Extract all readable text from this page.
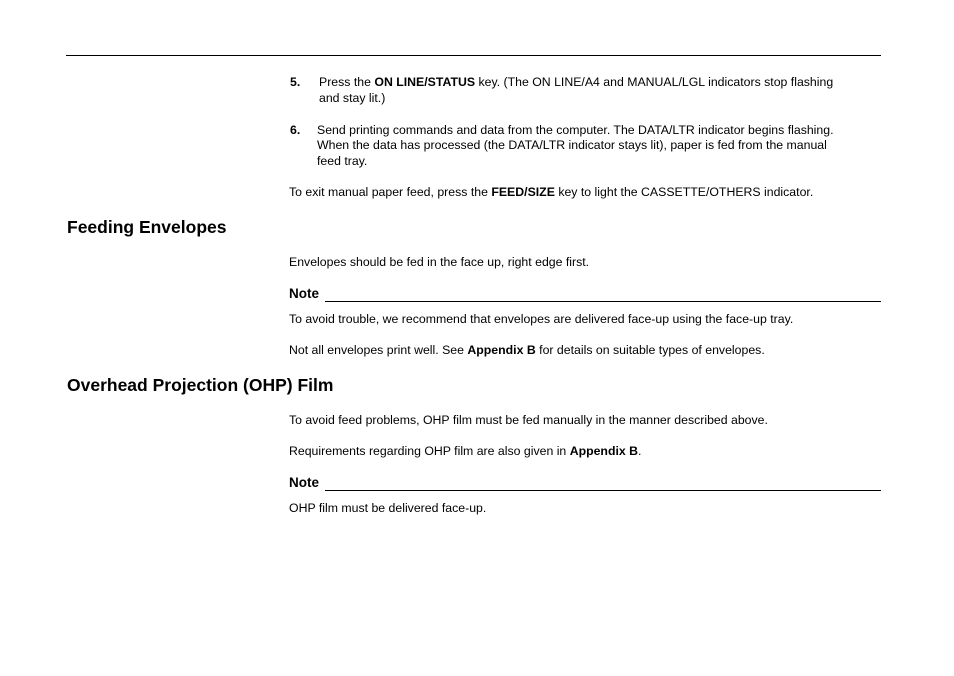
5. Press the ON LINE/STATUS key. (The ON LINE/A4 and MANUAL/LGL indicators stop flashing
and stay lit.)
6. Send printing commands and data from the computer. The DATA/LTR indicator begins flashing.
When the data has processed (the DATA/LTR indicator stays lit), paper is fed from the manual
feed tray.
To exit manual paper feed, press the FEED/SIZE key to light the CASSETTE/OTHERS indicator.
Feeding Envelopes
Envelopes should be fed in the face up, right edge first.
Note
To avoid trouble, we recommend that envelopes are delivered face-up using the face-up tray.
Not all envelopes print well. See Appendix B for details on suitable types of envelopes.
Overhead Projection (OHP) Film
To avoid feed problems, OHP film must be fed manually in the manner described above.
Requirements regarding OHP film are also given in Appendix B.
Note
OHP film must be delivered face-up.
